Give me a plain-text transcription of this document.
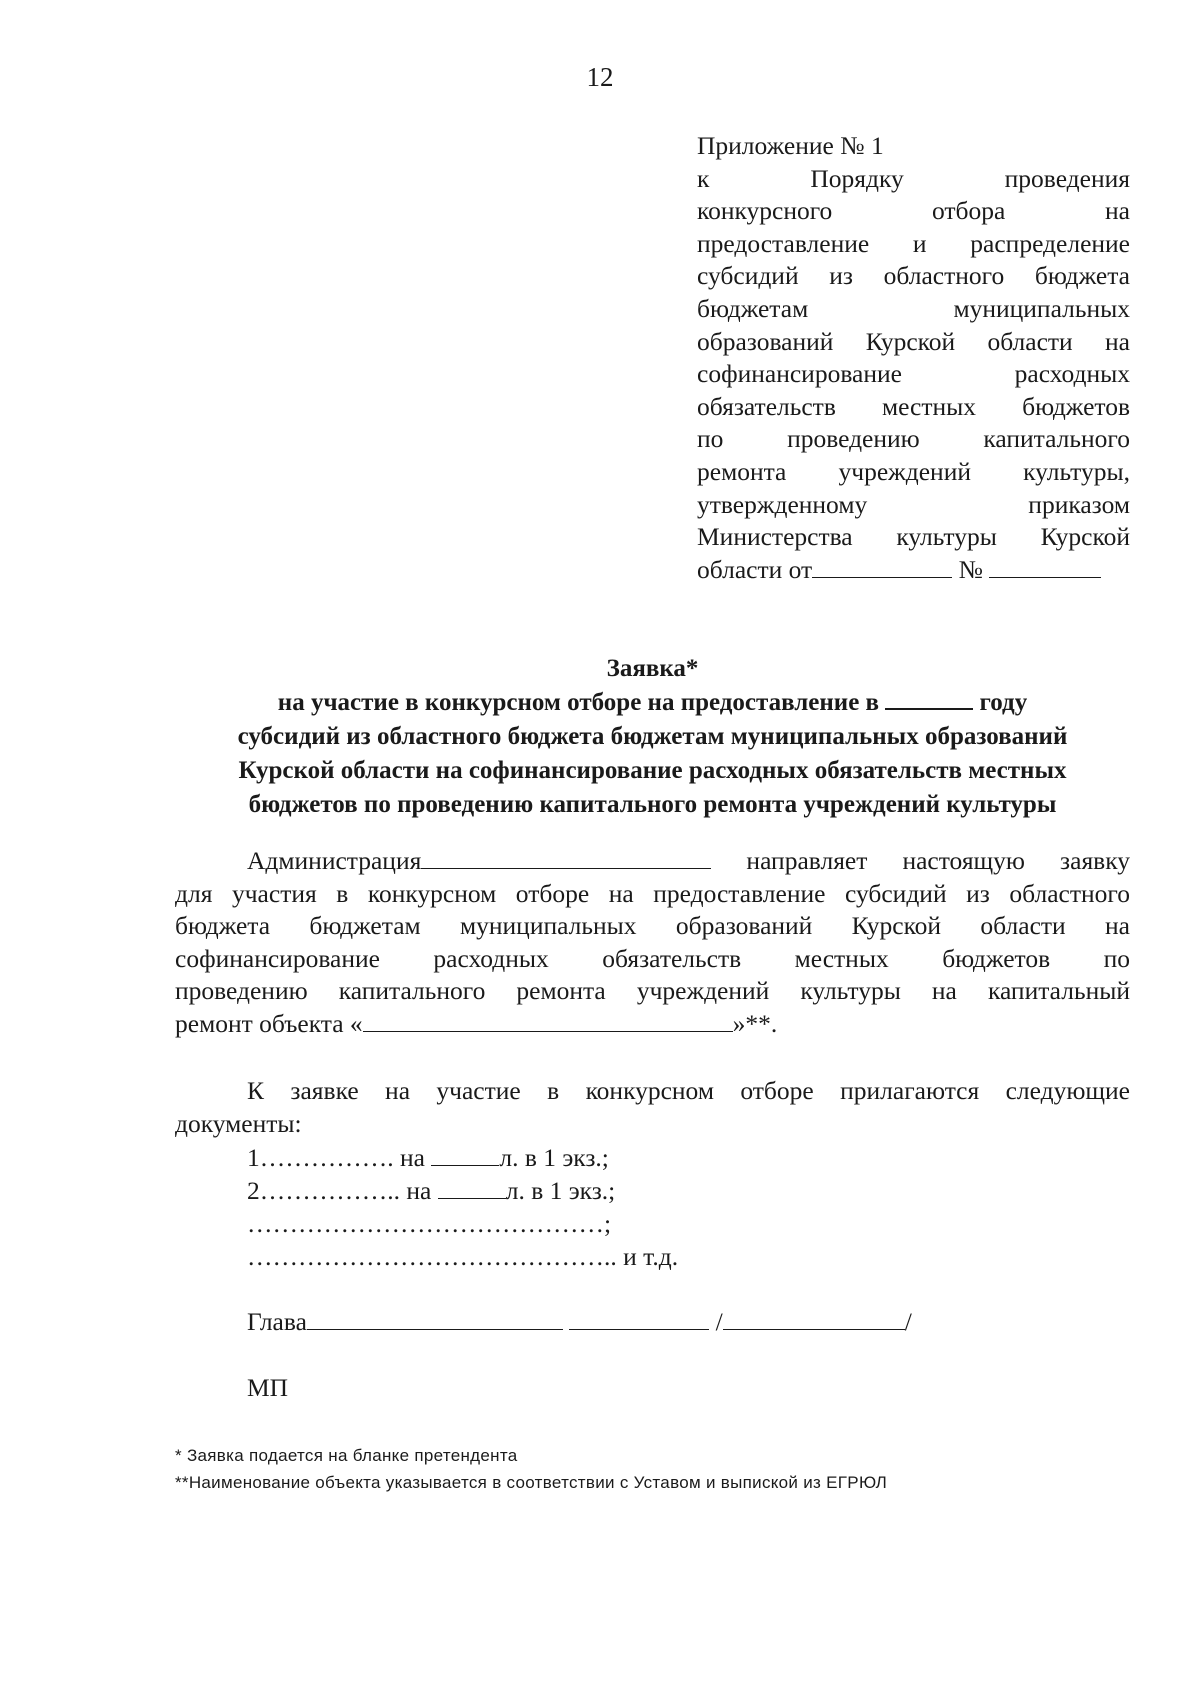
12
Приложение № 1
к Порядку проведения
конкурсного отбора на
предоставление и распределение
субсидий из областного бюджета
бюджетам муниципальных
образований Курской области на
софинансирование расходных
обязательств местных бюджетов
по проведению капитального
ремонта учреждений культуры,
утвержденному приказом
Министерства культуры Курской
области от	№
Заявка*
на участие в конкурсном отборе на предоставление в	году
субсидий из областного бюджета бюджетам муниципальных образований
Курской области на софинансирование расходных обязательств местных
бюджетов по проведению капитального ремонта учреждений культуры
Администрация	направляет настоящую заявку
для участия в конкурсном отборе на предоставление субсидий из областного
бюджета бюджетам муниципальных образований Курской области на
софинансирование расходных обязательств местных бюджетов по
проведению капитального ремонта учреждений культуры на капитальный
ремонт объекта «	»**.
К заявке на участие в конкурсном отборе прилагаются следующие
документы:
1……………. на	л. в 1 экз.;
2…………….. на	л. в 1 экз.;
……………………………………;
…………………………………….. и т.д.
Глава	/	/
МП
* Заявка подается на бланке претендента
**Наименование объекта указывается в соответствии с Уставом и выпиской из ЕГРЮЛ
